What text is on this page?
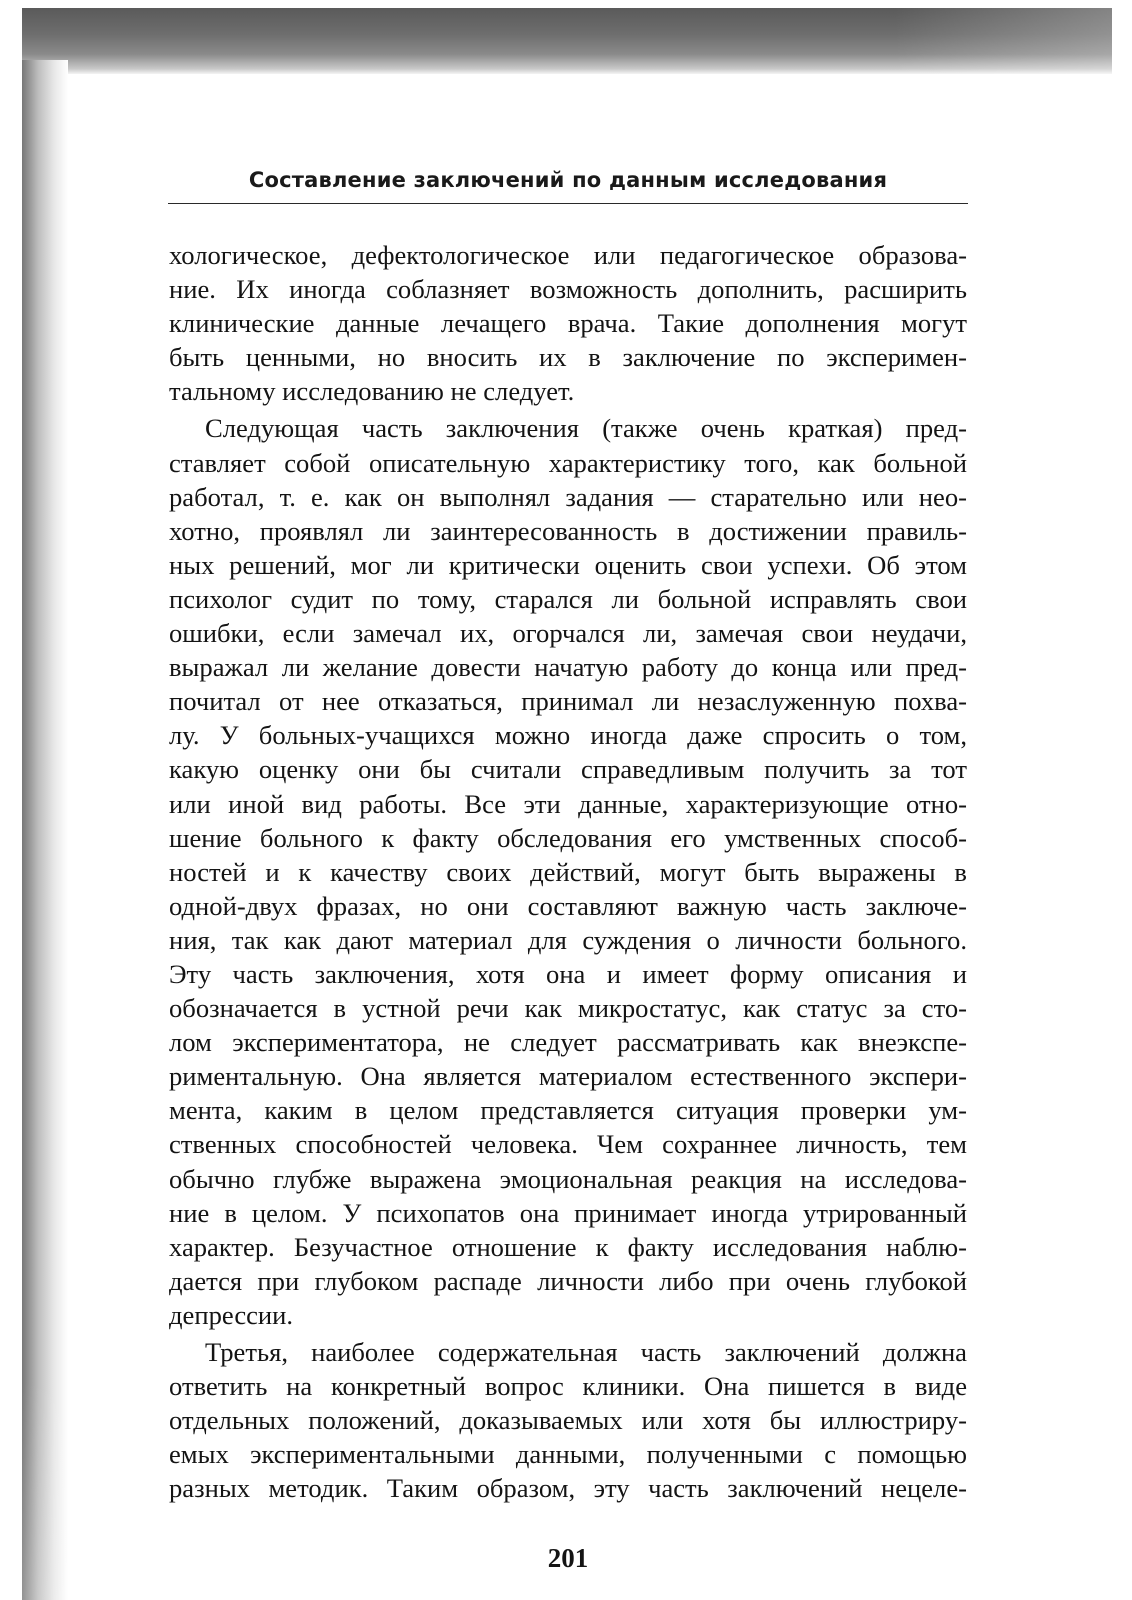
Составление заключений по данным исследования
хологическое, дефектологическое или педагогическое образова-
ние. Их иногда соблазняет возможность дополнить, расширить
клинические данные лечащего врача. Такие дополнения могут
быть ценными, но вносить их в заключение по эксперимен-
тальному исследованию не следует.
Следующая часть заключения (также очень краткая) пред-
ставляет собой описательную характеристику того, как больной
работал, т. е. как он выполнял задания — старательно или нео-
хотно, проявлял ли заинтересованность в достижении правиль-
ных решений, мог ли критически оценить свои успехи. Об этом
психолог судит по тому, старался ли больной исправлять свои
ошибки, если замечал их, огорчался ли, замечая свои неудачи,
выражал ли желание довести начатую работу до конца или пред-
почитал от нее отказаться, принимал ли незаслуженную похва-
лу. У больных-учащихся можно иногда даже спросить о том,
какую оценку они бы считали справедливым получить за тот
или иной вид работы. Все эти данные, характеризующие отно-
шение больного к факту обследования его умственных способ-
ностей и к качеству своих действий, могут быть выражены в
одной-двух фразах, но они составляют важную часть заключе-
ния, так как дают материал для суждения о личности больного.
Эту часть заключения, хотя она и имеет форму описания и
обозначается в устной речи как микростатус, как статус за сто-
лом экспериментатора, не следует рассматривать как внеэкспе-
риментальную. Она является материалом естественного экспери-
мента, каким в целом представляется ситуация проверки ум-
ственных способностей человека. Чем сохраннее личность, тем
обычно глубже выражена эмоциональная реакция на исследова-
ние в целом. У психопатов она принимает иногда утрированный
характер. Безучастное отношение к факту исследования наблю-
дается при глубоком распаде личности либо при очень глубокой
депрессии.
Третья, наиболее содержательная часть заключений должна
ответить на конкретный вопрос клиники. Она пишется в виде
отдельных положений, доказываемых или хотя бы иллюстриру-
емых экспериментальными данными, полученными с помощью
разных методик. Таким образом, эту часть заключений нецеле-
201
